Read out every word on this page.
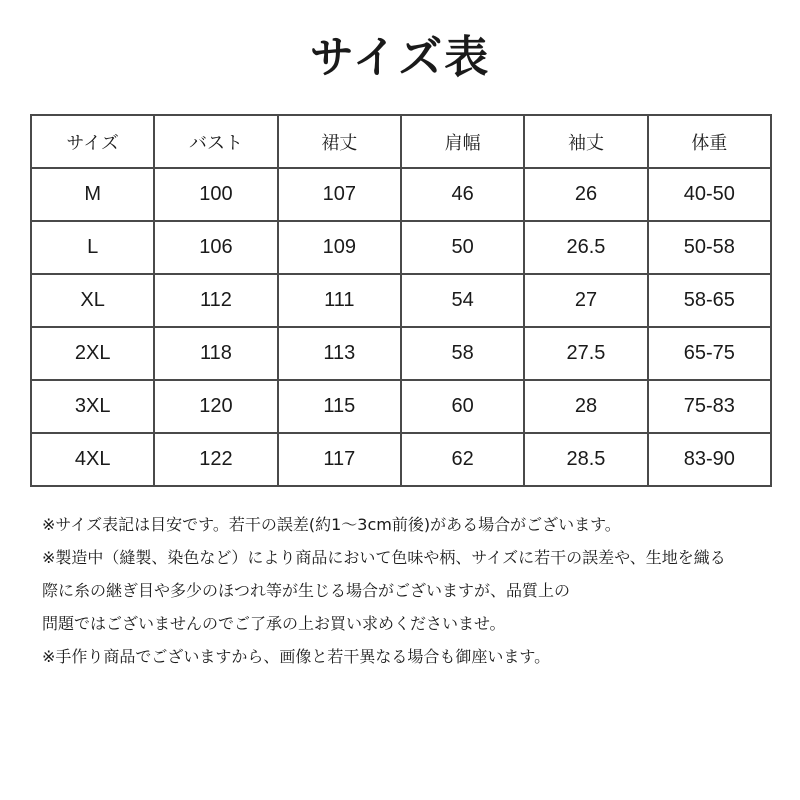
サイズ表
サイズ	バスト	裙丈	肩幅	袖丈	体重
M	100	107	46	26	40-50
L	106	109	50	26.5	50-58
XL	112	111	54	27	58-65
2XL	118	113	58	27.5	65-75
3XL	120	115	60	28	75-83
4XL	122	117	62	28.5	83-90

※サイズ表記は目安です。若干の誤差(約1〜3cm前後)がある場合がございます。

※製造中（縫製、染色など）により商品において色味や柄、サイズに若干の誤差や、生地を織る

際に糸の継ぎ目や多少のほつれ等が生じる場合がございますが、品質上の

問題ではございませんのでご了承の上お買い求めくださいませ。

※手作り商品でございますから、画像と若干異なる場合も御座います。
